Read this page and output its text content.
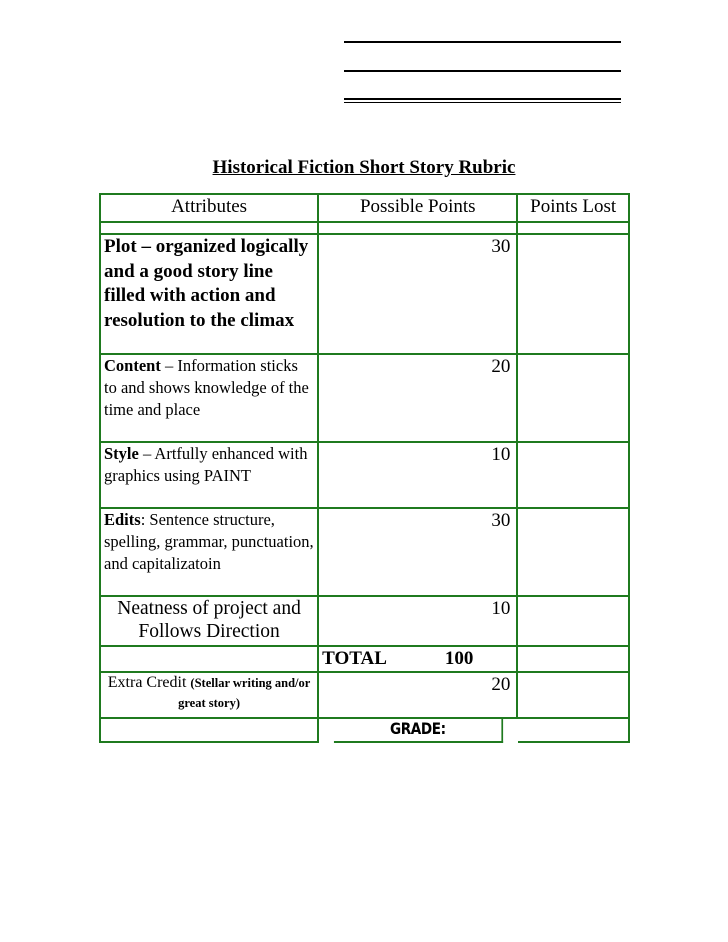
Historical Fiction Short Story Rubric
Attributes	Possible Points	Points Lost

Plot – organized logically and a good story line filled with action and resolution to the climax	30	
Content – Information sticks to and shows knowledge of the time and place	20	
Style – Artfully enhanced with graphics using PAINT	10	
Edits: Sentence structure, spelling, grammar, punctuation, and capitalizatoin	30	
Neatness of project and Follows Direction	10	
	TOTAL 100	
Extra Credit (Stellar writing and/or great story)	20	
	GRADE:	
